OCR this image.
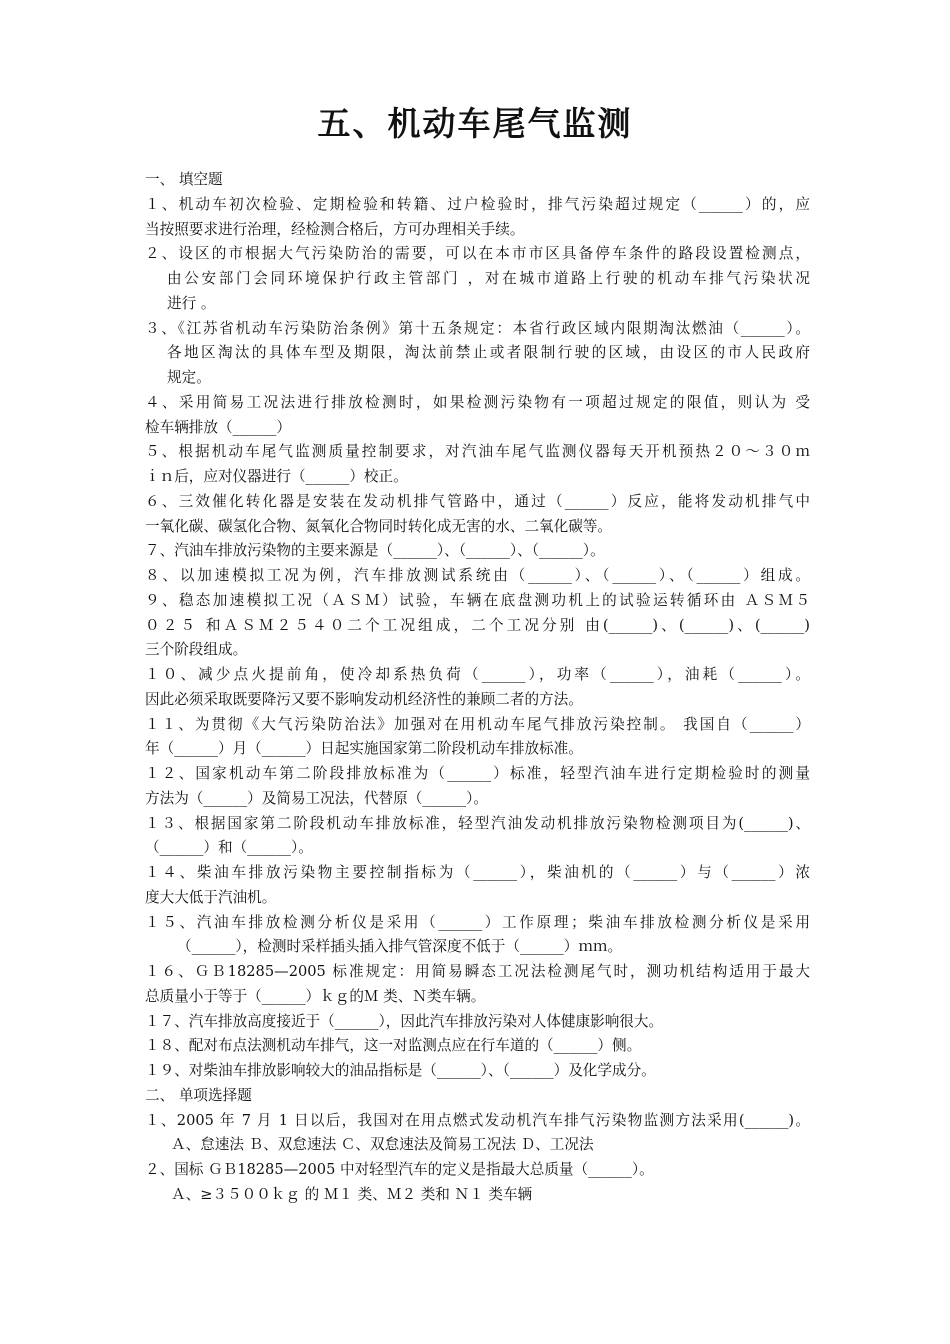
五、机动车尾气监测
一、 填空题
１、机动车初次检验、定期检验和转籍、过户检验时，排气污染超过规定（______）的，应
当按照要求进行治理，经检测合格后，方可办理相关手续。
２、设区的市根据大气污染防治的需要，可以在本市市区具备停车条件的路段设置检测点，
由公安部门会同环境保护行政主管部门 ，对在城市道路上行驶的机动车排气污染状况
进行 。
３、《江苏省机动车污染防治条例》第十五条规定：本省行政区域内限期淘汰燃油（______）。
各地区淘汰的具体车型及期限，淘汰前禁止或者限制行驶的区域，由设区的市人民政府
规定。
４、采用简易工况法进行排放检测时，如果检测污染物有一项超过规定的限值，则认为 受
检车辆排放（______）
５、根据机动车尾气监测质量控制要求，对汽油车尾气监测仪器每天开机预热２０～３０ｍ
ｉｎ后，应对仪器进行（______）校正。
６、三效催化转化器是安装在发动机排气管路中，通过（______）反应，能将发动机排气中
一氧化碳、碳氢化合物、氮氧化合物同时转化成无害的水、二氧化碳等。
７、汽油车排放污染物的主要来源是（______）、（______）、（______）。
８、以加速模拟工况为例，汽车排放测试系统由（______）、（______）、（______）组成。
９、稳态加速模拟工况（ＡＳＭ）试验，车辆在底盘测功机上的试验运转循环由 ＡＳＭ５
０２５ 和ＡＳＭ２５４０二个工况组成，二个工况分别 由(______)、(______)、(______)
三个阶段组成。
１０、减少点火提前角，使冷却系热负荷（______），功率（______），油耗（______）。
因此必须采取既要降污又要不影响发动机经济性的兼顾二者的方法。
１１、为贯彻《大气污染防治法》加强对在用机动车尾气排放污染控制。 我国自（______）
年（______）月（______）日起实施国家第二阶段机动车排放标准。
１２、国家机动车第二阶段排放标准为（______）标准，轻型汽油车进行定期检验时的测量
方法为（______）及简易工况法，代替原（______）。
１３、根据国家第二阶段机动车排放标准，轻型汽油发动机排放污染物检测项目为(______)、
（______）和（______）。
１４、柴油车排放污染物主要控制指标为（______），柴油机的（______）与（______）浓
度大大低于汽油机。
１５、汽油车排放检测分析仪是采用（______）工作原理；柴油车排放检测分析仪是采用
（______），检测时采样插头插入排气管深度不低于（______）ｍｍ。
１６、ＧＢ18285—2005 标准规定：用简易瞬态工况法检测尾气时，测功机结构适用于最大
总质量小于等于（______）ｋｇ的Ｍ 类、Ｎ类车辆。
１７、汽车排放高度接近于（______），因此汽车排放污染对人体健康影响很大。
１８、配对布点法测机动车排气，这一对监测点应在行车道的（______）侧。
１９、对柴油车排放影响较大的油品指标是（______）、（______）及化学成分。
二、 单项选择题
１、2005 年 7 月 1 日以后，我国对在用点燃式发动机汽车排气污染物监测方法采用(______)。
Ａ、怠速法 Ｂ、双怠速法 Ｃ、双怠速法及简易工况法 Ｄ、工况法
２、国标 ＧＢ18285—2005 中对轻型汽车的定义是指最大总质量（______）。
Ａ、≥３５００ｋｇ 的 Ｍ１ 类、Ｍ２ 类和 Ｎ１ 类车辆
